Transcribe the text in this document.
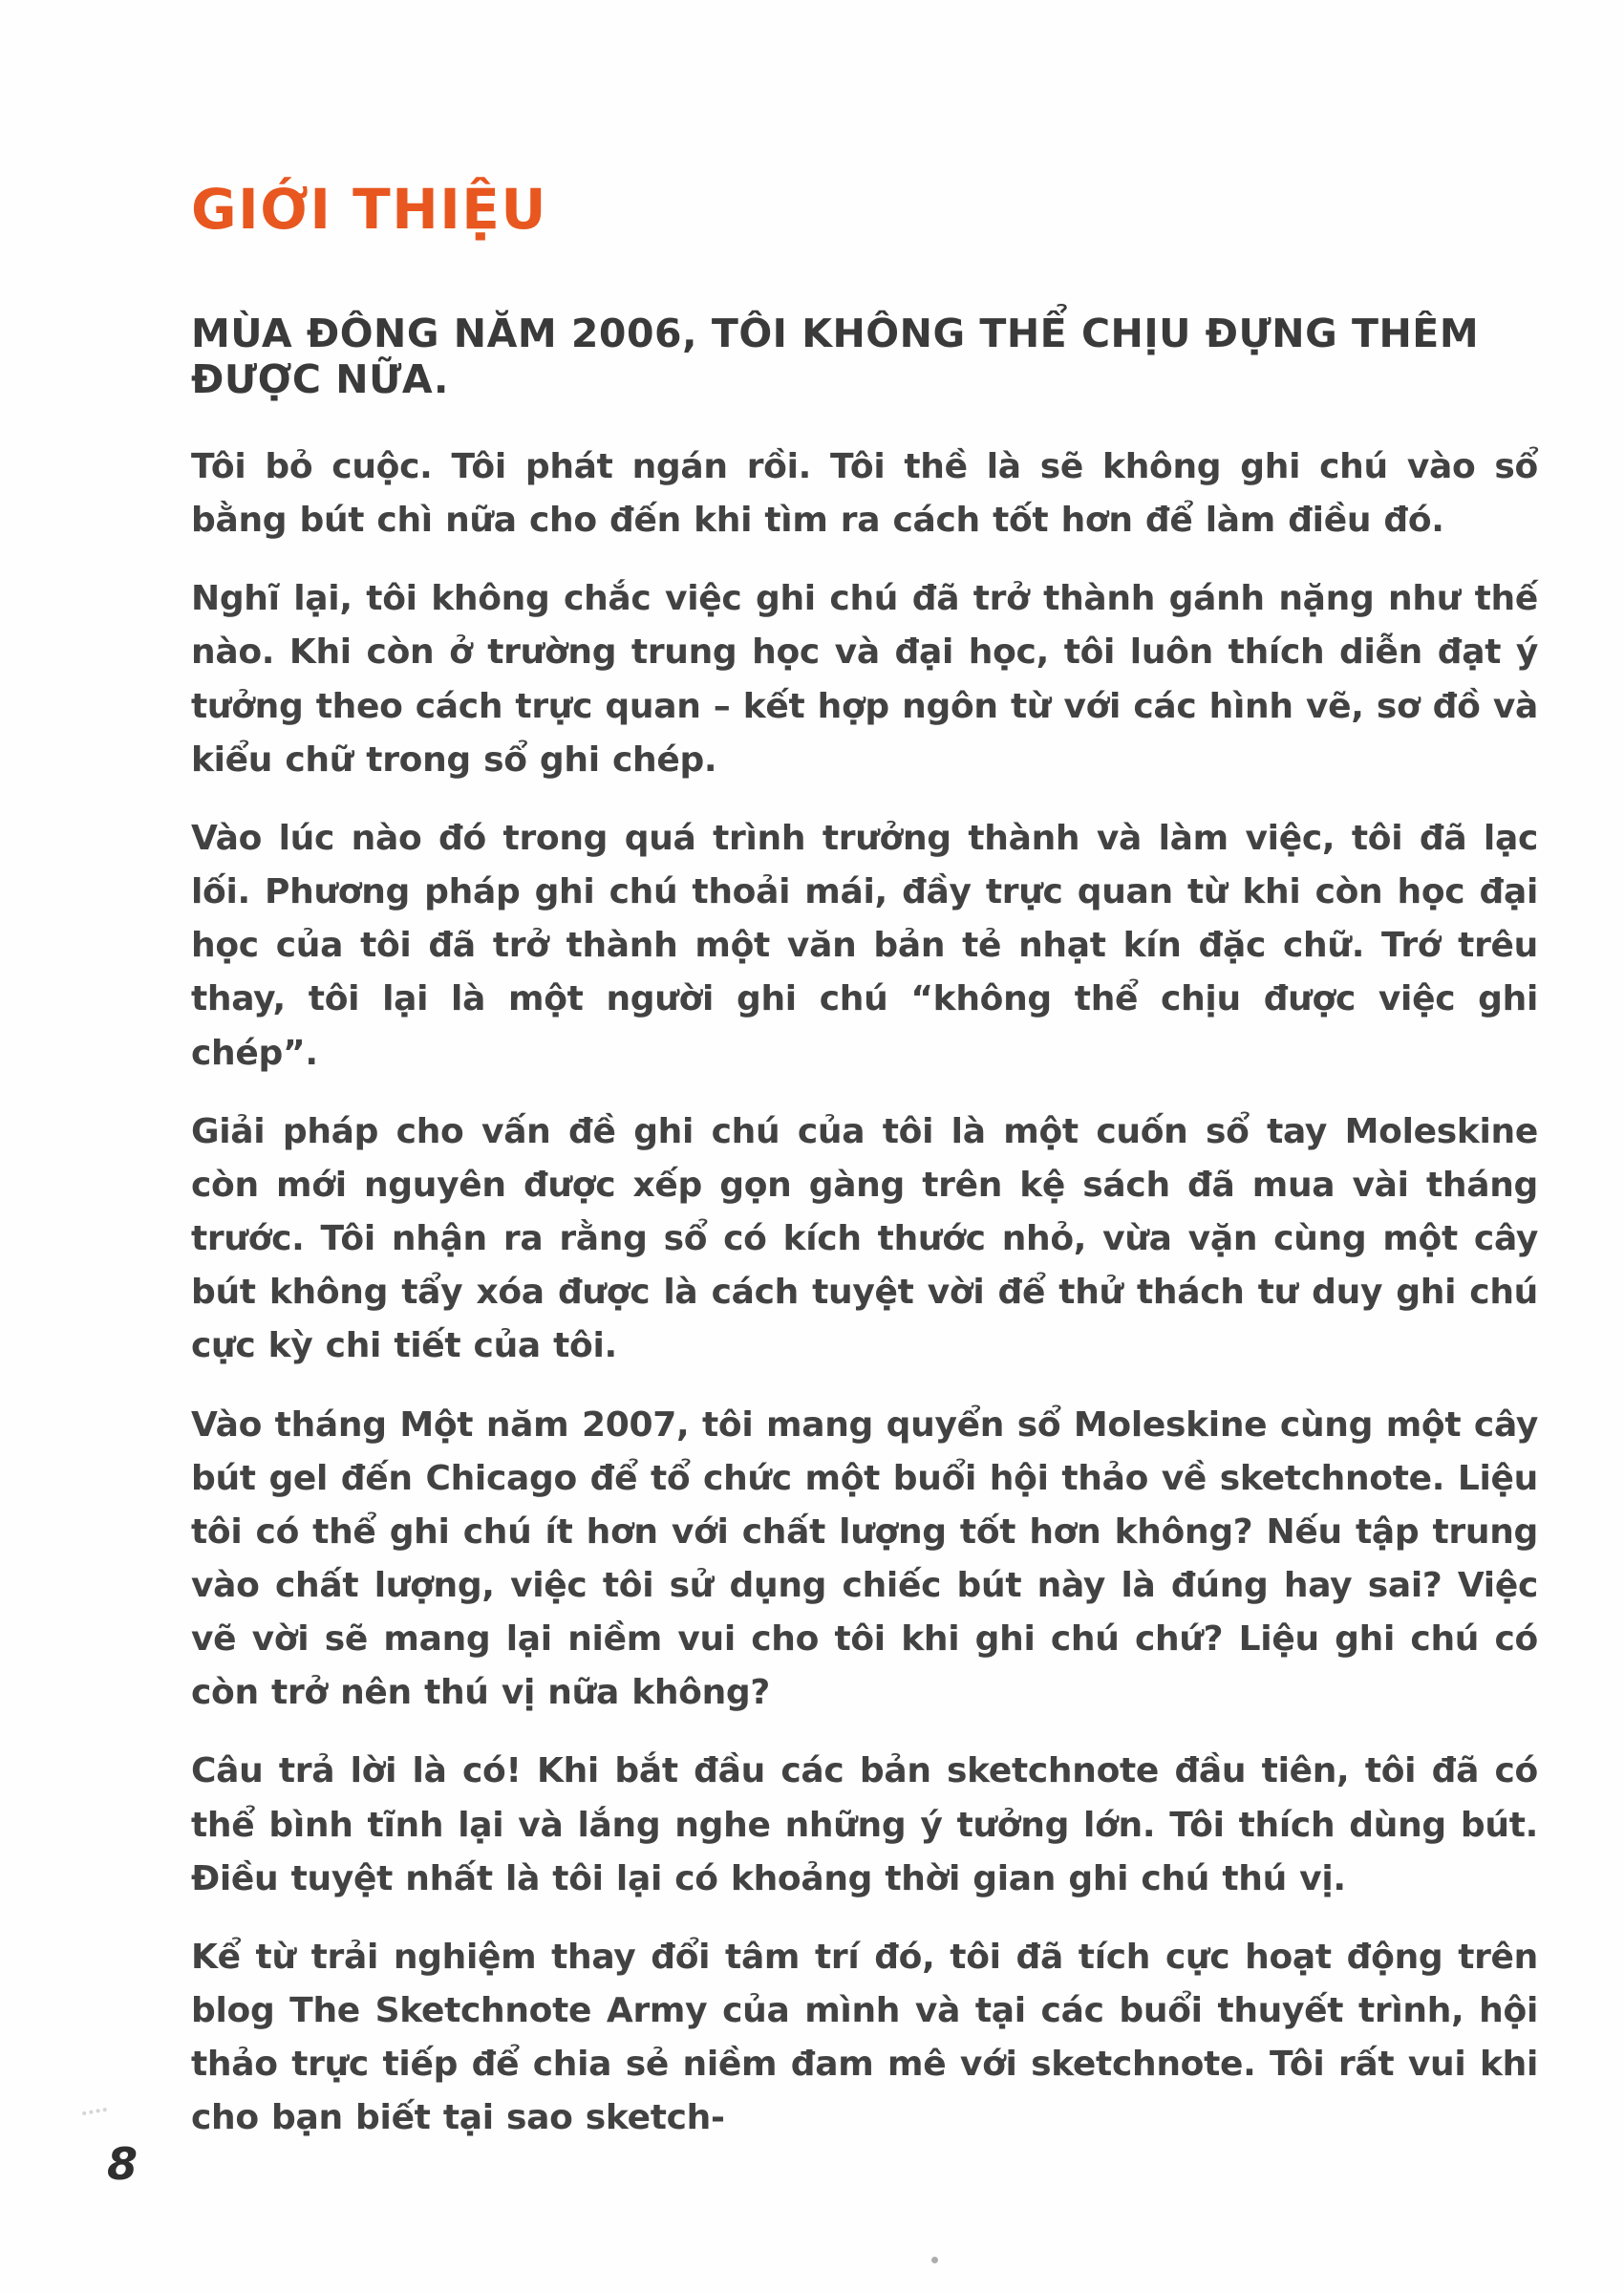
GIỚI THIỆU
MÙA ĐÔNG NĂM 2006, TÔI KHÔNG THỂ CHỊU ĐỰNG THÊM ĐƯỢC NỮA.

Tôi bỏ cuộc. Tôi phát ngán rồi. Tôi thề là sẽ không ghi chú vào sổ bằng bút chì nữa cho đến khi tìm ra cách tốt hơn để làm điều đó.

Nghĩ lại, tôi không chắc việc ghi chú đã trở thành gánh nặng như thế nào. Khi còn ở trường trung học và đại học, tôi luôn thích diễn đạt ý tưởng theo cách trực quan – kết hợp ngôn từ với các hình vẽ, sơ đồ và kiểu chữ trong sổ ghi chép.

Vào lúc nào đó trong quá trình trưởng thành và làm việc, tôi đã lạc lối. Phương pháp ghi chú thoải mái, đầy trực quan từ khi còn học đại học của tôi đã trở thành một văn bản tẻ nhạt kín đặc chữ. Trớ trêu thay, tôi lại là một người ghi chú “không thể chịu được việc ghi chép”.

Giải pháp cho vấn đề ghi chú của tôi là một cuốn sổ tay Moleskine còn mới nguyên được xếp gọn gàng trên kệ sách đã mua vài tháng trước. Tôi nhận ra rằng sổ có kích thước nhỏ, vừa vặn cùng một cây bút không tẩy xóa được là cách tuyệt vời để thử thách tư duy ghi chú cực kỳ chi tiết của tôi.

Vào tháng Một năm 2007, tôi mang quyển sổ Moleskine cùng một cây bút gel đến Chicago để tổ chức một buổi hội thảo về sketchnote. Liệu tôi có thể ghi chú ít hơn với chất lượng tốt hơn không? Nếu tập trung vào chất lượng, việc tôi sử dụng chiếc bút này là đúng hay sai? Việc vẽ vời sẽ mang lại niềm vui cho tôi khi ghi chú chứ? Liệu ghi chú có còn trở nên thú vị nữa không?

Câu trả lời là có! Khi bắt đầu các bản sketchnote đầu tiên, tôi đã có thể bình tĩnh lại và lắng nghe những ý tưởng lớn. Tôi thích dùng bút. Điều tuyệt nhất là tôi lại có khoảng thời gian ghi chú thú vị.

Kể từ trải nghiệm thay đổi tâm trí đó, tôi đã tích cực hoạt động trên blog The Sketchnote Army của mình và tại các buổi thuyết trình, hội thảo trực tiếp để chia sẻ niềm đam mê với sketchnote. Tôi rất vui khi cho bạn biết tại sao sketch-

8
